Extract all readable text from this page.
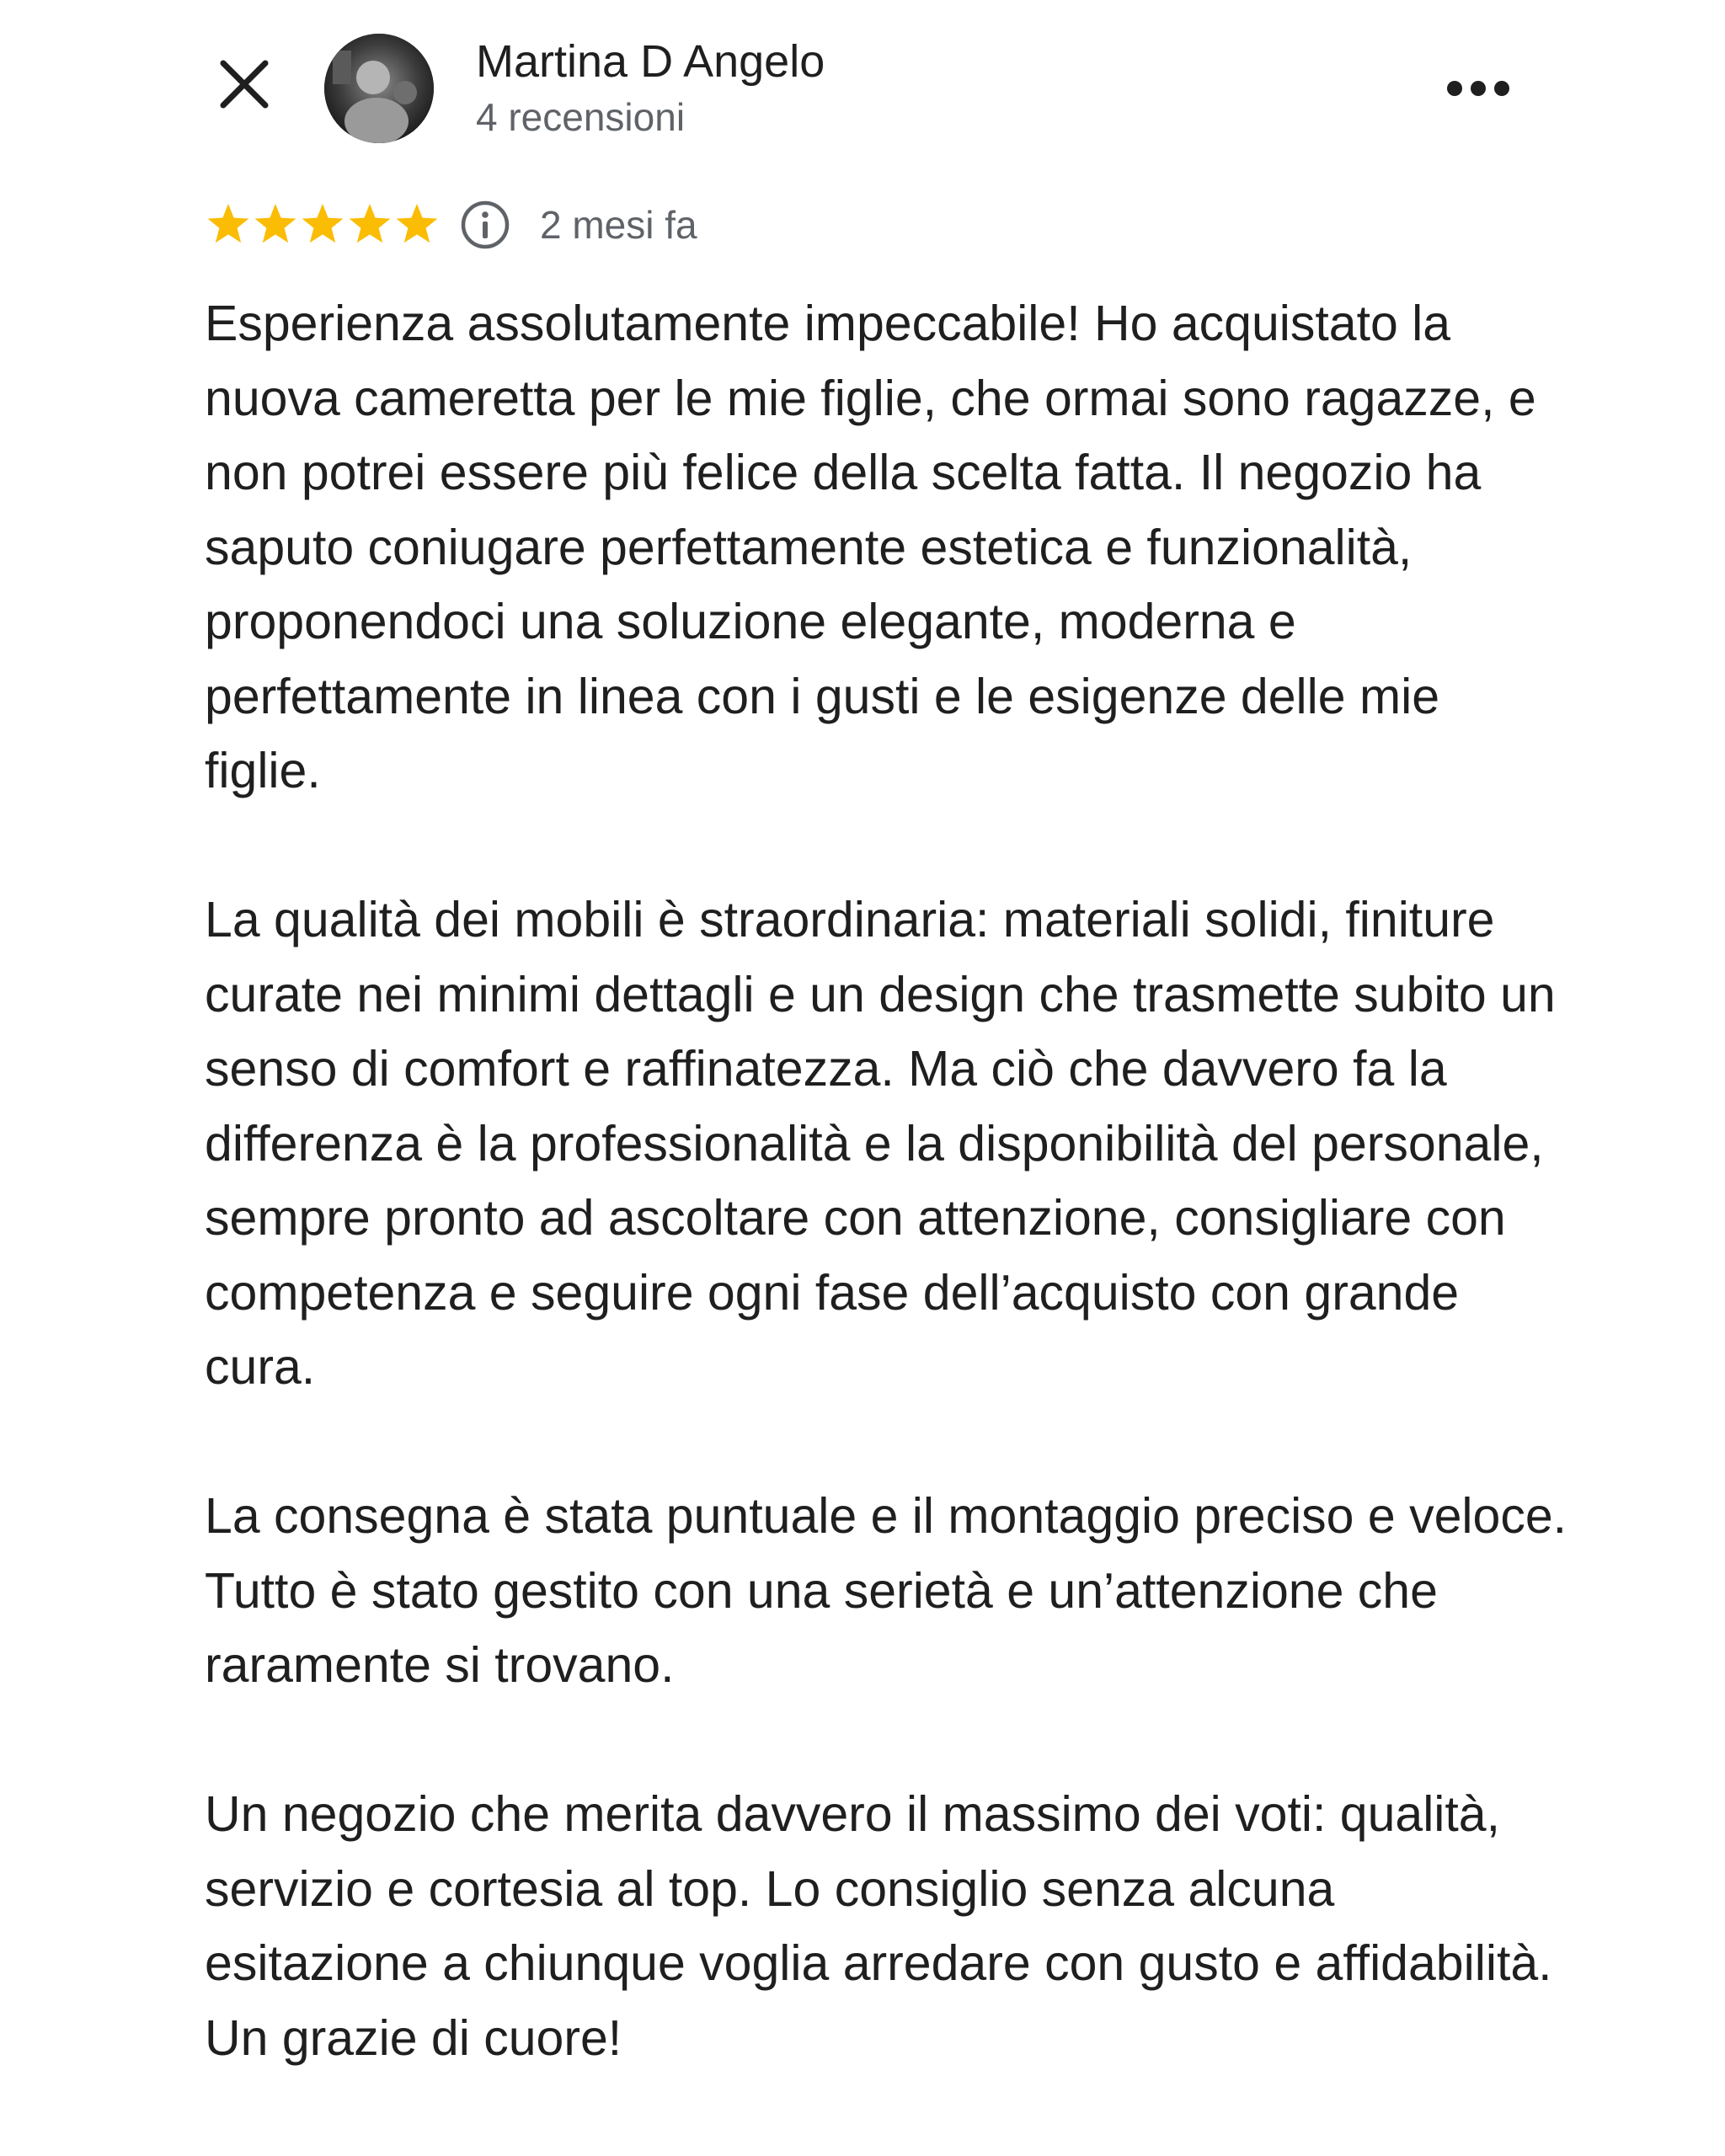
Martina D Angelo
4 recensioni
2 mesi fa

Esperienza assolutamente impeccabile! Ho acquistato la nuova cameretta per le mie figlie, che ormai sono ragazze, e non potrei essere più felice della scelta fatta. Il negozio ha saputo coniugare perfettamente estetica e funzionalità, proponendoci una soluzione elegante, moderna e perfettamente in linea con i gusti e le esigenze delle mie figlie.

La qualità dei mobili è straordinaria: materiali solidi, finiture curate nei minimi dettagli e un design che trasmette subito un senso di comfort e raffinatezza. Ma ciò che davvero fa la differenza è la professionalità e la disponibilità del personale, sempre pronto ad ascoltare con attenzione, consigliare con competenza e seguire ogni fase dell’acquisto con grande cura.

La consegna è stata puntuale e il montaggio preciso e veloce. Tutto è stato gestito con una serietà e un’attenzione che raramente si trovano.

Un negozio che merita davvero il massimo dei voti: qualità, servizio e cortesia al top. Lo consiglio senza alcuna esitazione a chiunque voglia arredare con gusto e affidabilità. Un grazie di cuore!
